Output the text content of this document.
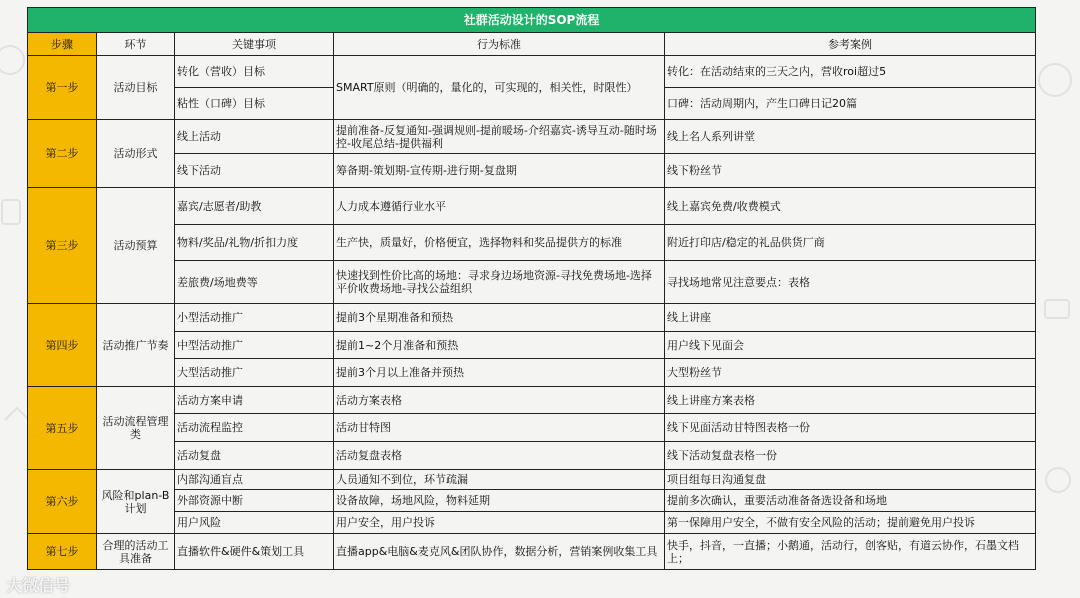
社群活动设计的SOP流程				
步骤	环节	关键事项	行为标准	参考案例
第一步	活动目标	转化（营收）目标	SMART原则（明确的，量化的，可实现的，相关性，时限性）	转化：在活动结束的三天之内，营收roi超过5
		粘性（口碑）目标		口碑：活动周期内，产生口碑日记20篇
第二步	活动形式	线上活动	提前准备-反复通知-强调规则-提前暖场-介绍嘉宾-诱导互动-随时场控-收尾总结-提供福利	线上名人系列讲堂
		线下活动	筹备期-策划期-宣传期-进行期-复盘期	线下粉丝节
第三步	活动预算	嘉宾/志愿者/助教	人力成本遵循行业水平	线上嘉宾免费/收费模式
		物料/奖品/礼物/折扣力度	生产快，质量好，价格便宜，选择物料和奖品提供方的标准	附近打印店/稳定的礼品供货厂商
		差旅费/场地费等	快速找到性价比高的场地：寻求身边场地资源-寻找免费场地-选择平价收费场地-寻找公益组织	寻找场地常见注意要点：表格
第四步	活动推广节奏	小型活动推广	提前3个星期准备和预热	线上讲座
		中型活动推广	提前1~2个月准备和预热	用户线下见面会
		大型活动推广	提前3个月以上准备并预热	大型粉丝节
第五步	活动流程管理类	活动方案申请	活动方案表格	线上讲座方案表格
		活动流程监控	活动甘特图	线下见面活动甘特图表格一份
		活动复盘	活动复盘表格	线下活动复盘表格一份
第六步	风险和plan-B计划	内部沟通盲点	人员通知不到位，环节疏漏	项目组每日沟通复盘
		外部资源中断	设备故障，场地风险，物料延期	提前多次确认，重要活动准备备选设备和场地
		用户风险	用户安全，用户投诉	第一保障用户安全，不做有安全风险的活动；提前避免用户投诉
第七步	合理的活动工具准备	直播软件&硬件&策划工具	直播app&电脑&麦克风&团队协作，数据分析，营销案例收集工具	快手，抖音，一直播；小鹅通，活动行，创客贴，有道云协作，石墨文档上；
大微信号
